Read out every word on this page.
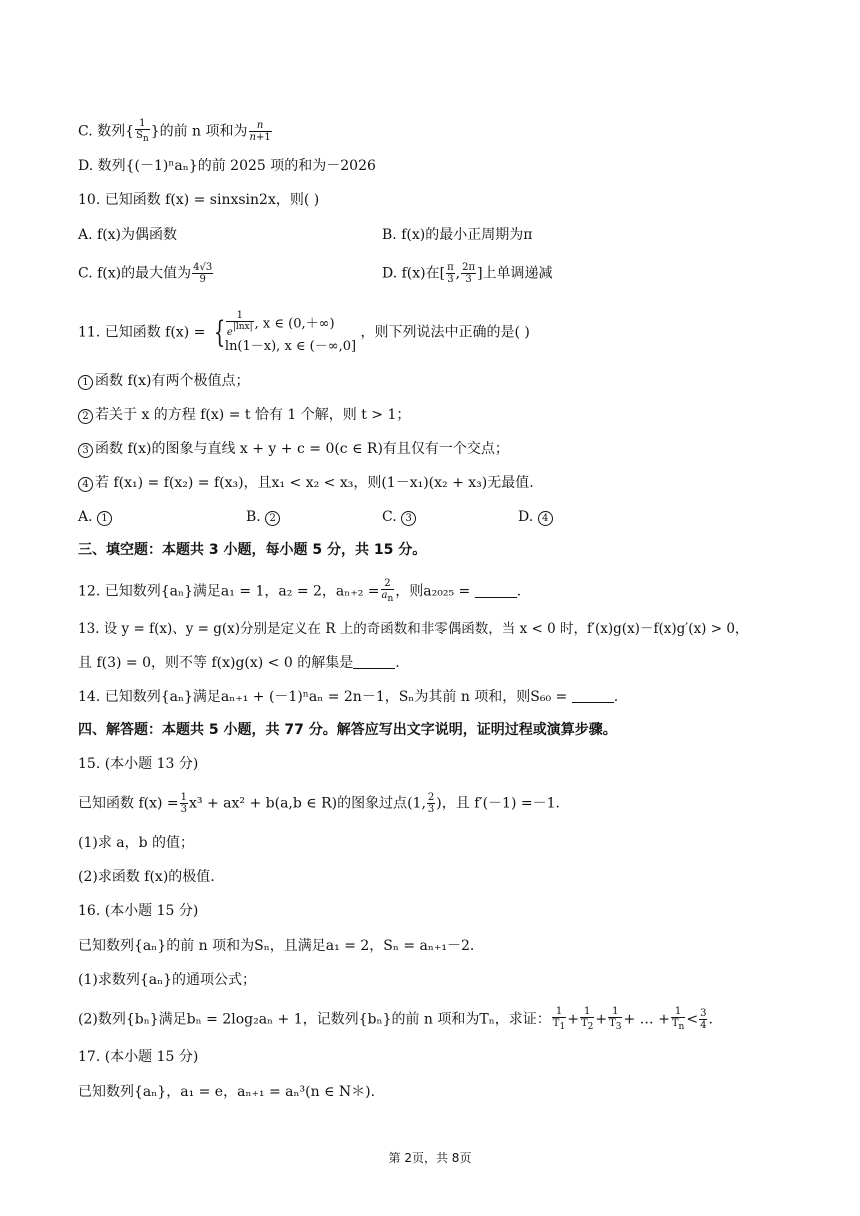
C. 数列{ $\frac{1}{Sn}$ }的前 n 项和为 $\frac{n}{n+1}$
D. 数列{(－1)ⁿaₙ}的前 2025 项的和为－2026
10. 已知函数 f(x) = sinxsin2x，则( )
A. f(x)为偶函数	B. f(x)的最小正周期为π
C. f(x)的最大值为 $\frac{4√3}{9}$	D. f(x)在[ $\frac{\pi}{3}$ , $\frac{2\pi}{3}$ ]上单调递减
11. 已知函数 f(x) = { $\frac{1}{e|\ln x|}$ , x ∈ (0,＋∞)
ln(1－x), x ∈ (－∞,0]
，则下列说法中正确的是( )
1 函数 f(x)有两个极值点；
2 若关于 x 的方程 f(x) = t 恰有 1 个解，则 t > 1；
3 函数 f(x)的图象与直线 x + y + c = 0(c ∈ R)有且仅有一个交点；
4 若 f(x₁) = f(x₂) = f(x₃)，且x₁ < x₂ < x₃，则(1－x₁)(x₂ + x₃)无最值.
A. 1	B. 2	C. 3	D. 4
三、填空题：本题共 3 小题，每小题 5 分，共 15 分。
12. 已知数列{aₙ}满足a₁ = 1，a₂ = 2，$a_{n+2} = \frac{2}{an}$ ，则a₂₀₂₅ =	.
13. 设 y = f(x)、y = g(x)分别是定义在 R 上的奇函数和非零偶函数，当 x < 0 时，f′(x)g(x)－f(x)g′(x) > 0，
且 f(3) = 0，则不等 f(x)g(x) < 0 的解集是	.
14. 已知数列{aₙ}满足aₙ₊₁ + (－1)ⁿaₙ = 2n－1，Sₙ为其前 n 项和，则S₆₀ =	.
四、解答题：本题共 5 小题，共 77 分。解答应写出文字说明，证明过程或演算步骤。
15. (本小题 13 分)
已知函数 $f(x) = \frac{1}{3} x^3 + ax^2 + b(a,b$ ∈ R)的图象过点(1, $\frac{2}{3}$ )，且 f′(－1) =－1.
(1)求 a，b 的值；
(2)求函数 f(x)的极值.
16. (本小题 15 分)
已知数列{aₙ}的前 n 项和为Sₙ，且满足a₁ = 2，Sₙ = aₙ₊₁－2.
(1)求数列{aₙ}的通项公式；
(2)数列{bₙ}满足bₙ = 2log₂aₙ + 1，记数列{bₙ}的前 n 项和为Tₙ，求证： $\frac{1}{T1} + \frac{1}{T2} + \frac{1}{T3}$ + … + $\frac{1}{Tn} < \frac{3}{4}$ .
17. (本小题 15 分)
已知数列{aₙ}，a₁ = e，aₙ₊₁ = aₙ³(n ∈ N＊).
第 2页，共 8页
